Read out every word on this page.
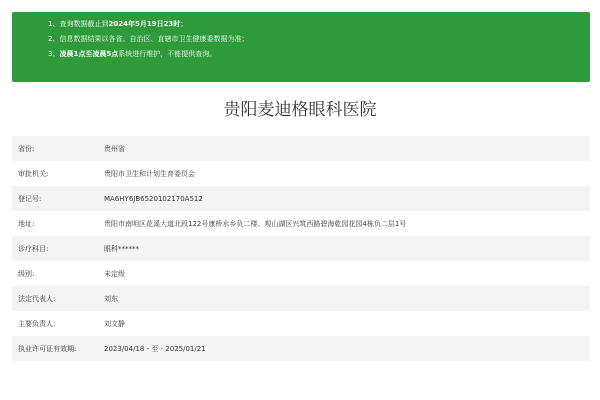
1、查询数据截止到2024年5月19日23时；
2、信息数据结果以各省、自治区、直辖市卫生健康委数据为准；
3、凌晨1点至凌晨5点系统进行维护，不能提供查询。
贵阳麦迪格眼科医院
省份:	贵州省
审批机关:	贵阳市卫生和计划生育委员会
登记号:	MA6HY6JB6520102170A512
地址:	贵阳市南明区花溪大道北段122号康桥水乡负二楼、观山湖区兴筑西路碧海乾园花园4栋负二层1号
诊疗科目:	眼科******
级别:	未定级
法定代表人:	刘东
主要负责人:	刘文静
执业许可证有效期:	2023/04/18 - 至 - 2025/01/21
